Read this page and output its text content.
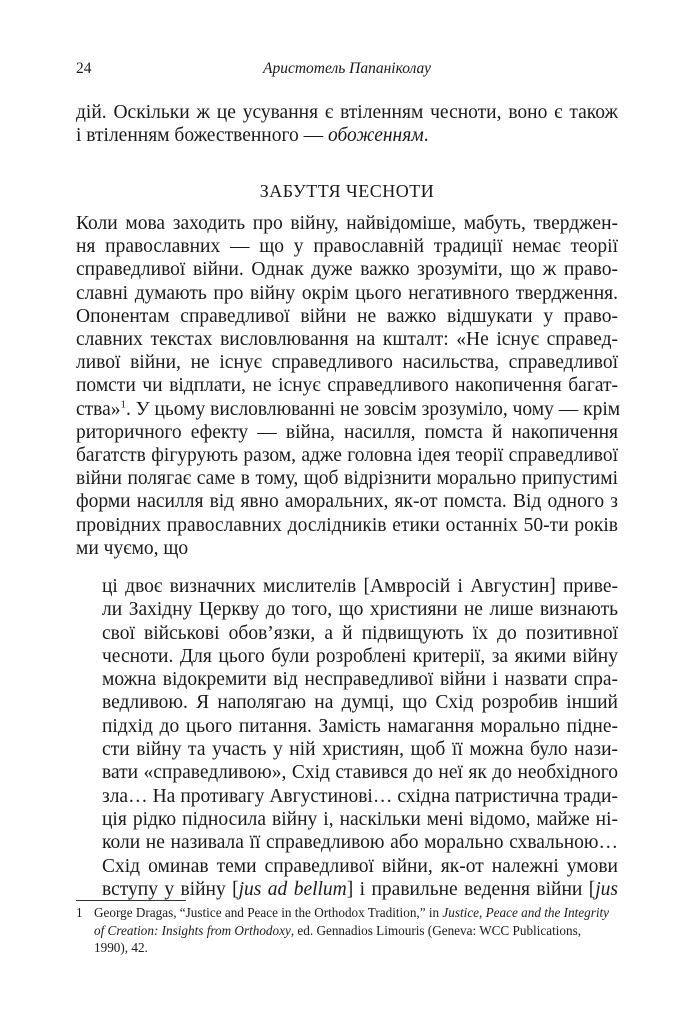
24	Аристотель Папаніколау
дій. Оскільки ж це усування є втіленням чесноти, воно є також
і втіленням божественного — обоженням.
ЗАБУТТЯ ЧЕСНОТИ
Коли мова заходить про війну, найвідоміше, мабуть, тверджен-
ня православних — що у православній традиції немає теорії
справедливої війни. Однак дуже важко зрозуміти, що ж право-
славні думають про війну окрім цього негативного твердження.
Опонентам справедливої війни не важко відшукати у право-
славних текстах висловлювання на кшталт: «Не існує справед-
ливої війни, не існує справедливого насильства, справедливої
помсти чи відплати, не існує справедливого накопичення багат-
ства»$^1$. У цьому висловлюванні не зовсім зрозуміло, чому — крім
риторичного ефекту — війна, насилля, помста й накопичення
багатств фігурують разом, адже головна ідея теорії справедливої
війни полягає саме в тому, щоб відрізнити морально припустимі
форми насилля від явно аморальних, як-от помста. Від одного з
провідних православних дослідників етики останніх 50-ти років
ми чуємо, що
ці двоє визначних мислителів [Амвросій і Августин] приве-
ли Західну Церкву до того, що християни не лише визнають
свої військові обов’язки, а й підвищують їх до позитивної
чесноти. Для цього були розроблені критерії, за якими війну
можна відокремити від несправедливої війни і назвати спра-
ведливою. Я наполягаю на думці, що Схід розробив інший
підхід до цього питання. Замість намагання морально підне-
сти війну та участь у ній християн, щоб її можна було нази-
вати «справедливою», Схід ставився до неї як до необхідного
зла… На противагу Августинові… східна патристична тради-
ція рідко підносила війну і, наскільки мені відомо, майже ні-
коли не називала її справедливою або морально схвальною…
Схід оминав теми справедливої війни, як-от належні умови
вступу у війну [jus ad bellum] і правильне ведення війни [jus
1 George Dragas, “Justice and Peace in the Orthodox Tradition,” in Justice, Peace and the Integrity of Creation: Insights from Orthodoxy, ed. Gennadios Limouris (Geneva: WCC Publications, 1990), 42.
